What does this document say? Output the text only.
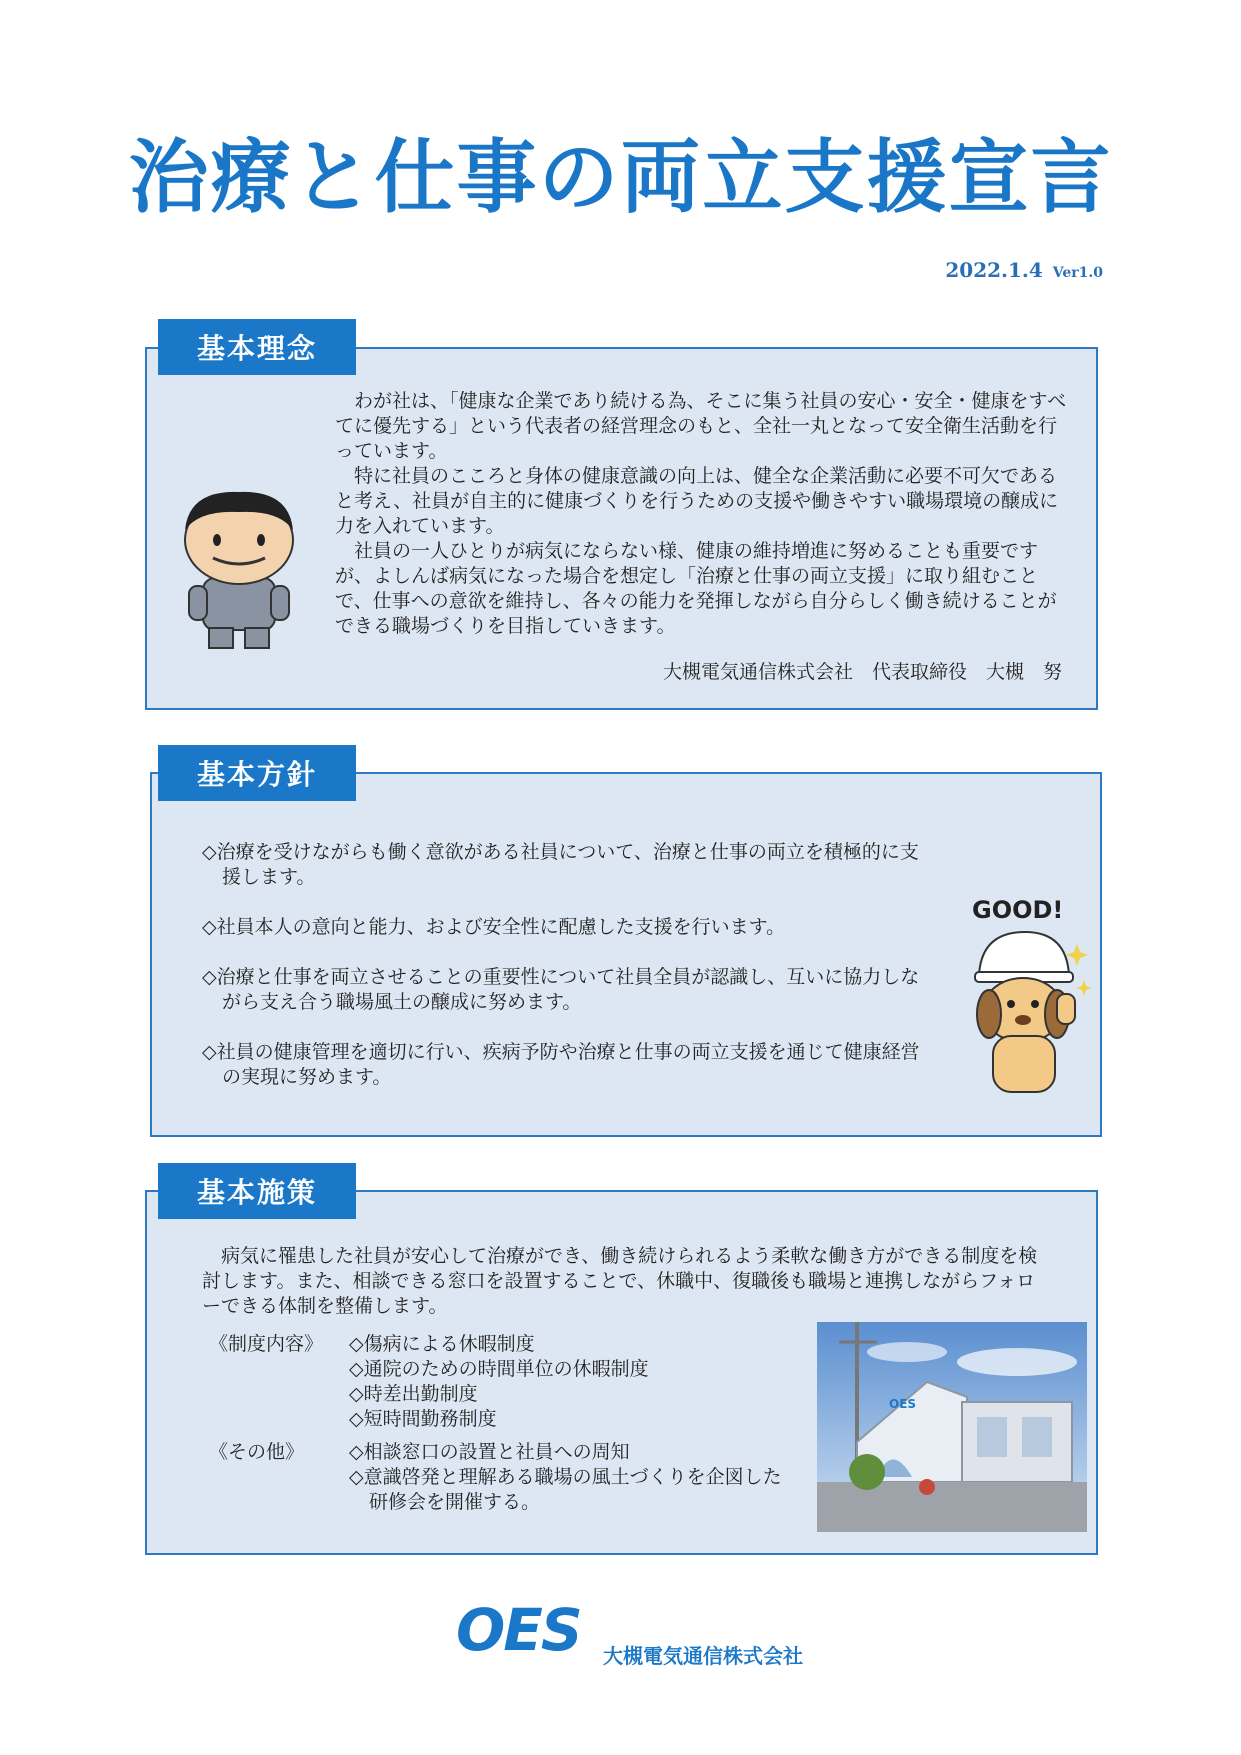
治療と仕事の両立支援宣言
2022.1.4 Ver1.0

わが社は、「健康な企業であり続ける為、そこに集う社員の安心・安全・健康をすべてに優先する」という代表者の経営理念のもと、全社一丸となって安全衛生活動を行っています。

特に社員のこころと身体の健康意識の向上は、健全な企業活動に必要不可欠であると考え、社員が自主的に健康づくりを行うための支援や働きやすい職場環境の醸成に力を入れています。

社員の一人ひとりが病気にならない様、健康の維持増進に努めることも重要ですが、よしんば病気になった場合を想定し「治療と仕事の両立支援」に取り組むことで、仕事への意欲を維持し、各々の能力を発揮しながら自分らしく働き続けることができる職場づくりを目指していきます。

大槻電気通信株式会社　代表取締役　大槻　努
基本理念
◇治療を受けながらも働く意欲がある社員について、治療と仕事の両立を積極的に支援します。
◇社員本人の意向と能力、および安全性に配慮した支援を行います。
◇治療と仕事を両立させることの重要性について社員全員が認識し、互いに協力しながら支え合う職場風土の醸成に努めます。
◇社員の健康管理を適切に行い、疾病予防や治療と仕事の両立支援を通じて健康経営の実現に努めます。
GOOD!
基本方針

病気に罹患した社員が安心して治療ができ、働き続けられるよう柔軟な働き方ができる制度を検討します。また、相談できる窓口を設置することで、休職中、復職後も職場と連携しながらフォローできる体制を整備します。

《制度内容》	◇傷病による休暇制度
◇通院のための時間単位の休暇制度
◇時差出勤制度
◇短時間勤務制度
《その他》	◇相談窓口の設置と社員への周知
◇意識啓発と理解ある職場の風土づくりを企図した研修会を開催する。
OES
基本施策
OES 大槻電気通信株式会社
